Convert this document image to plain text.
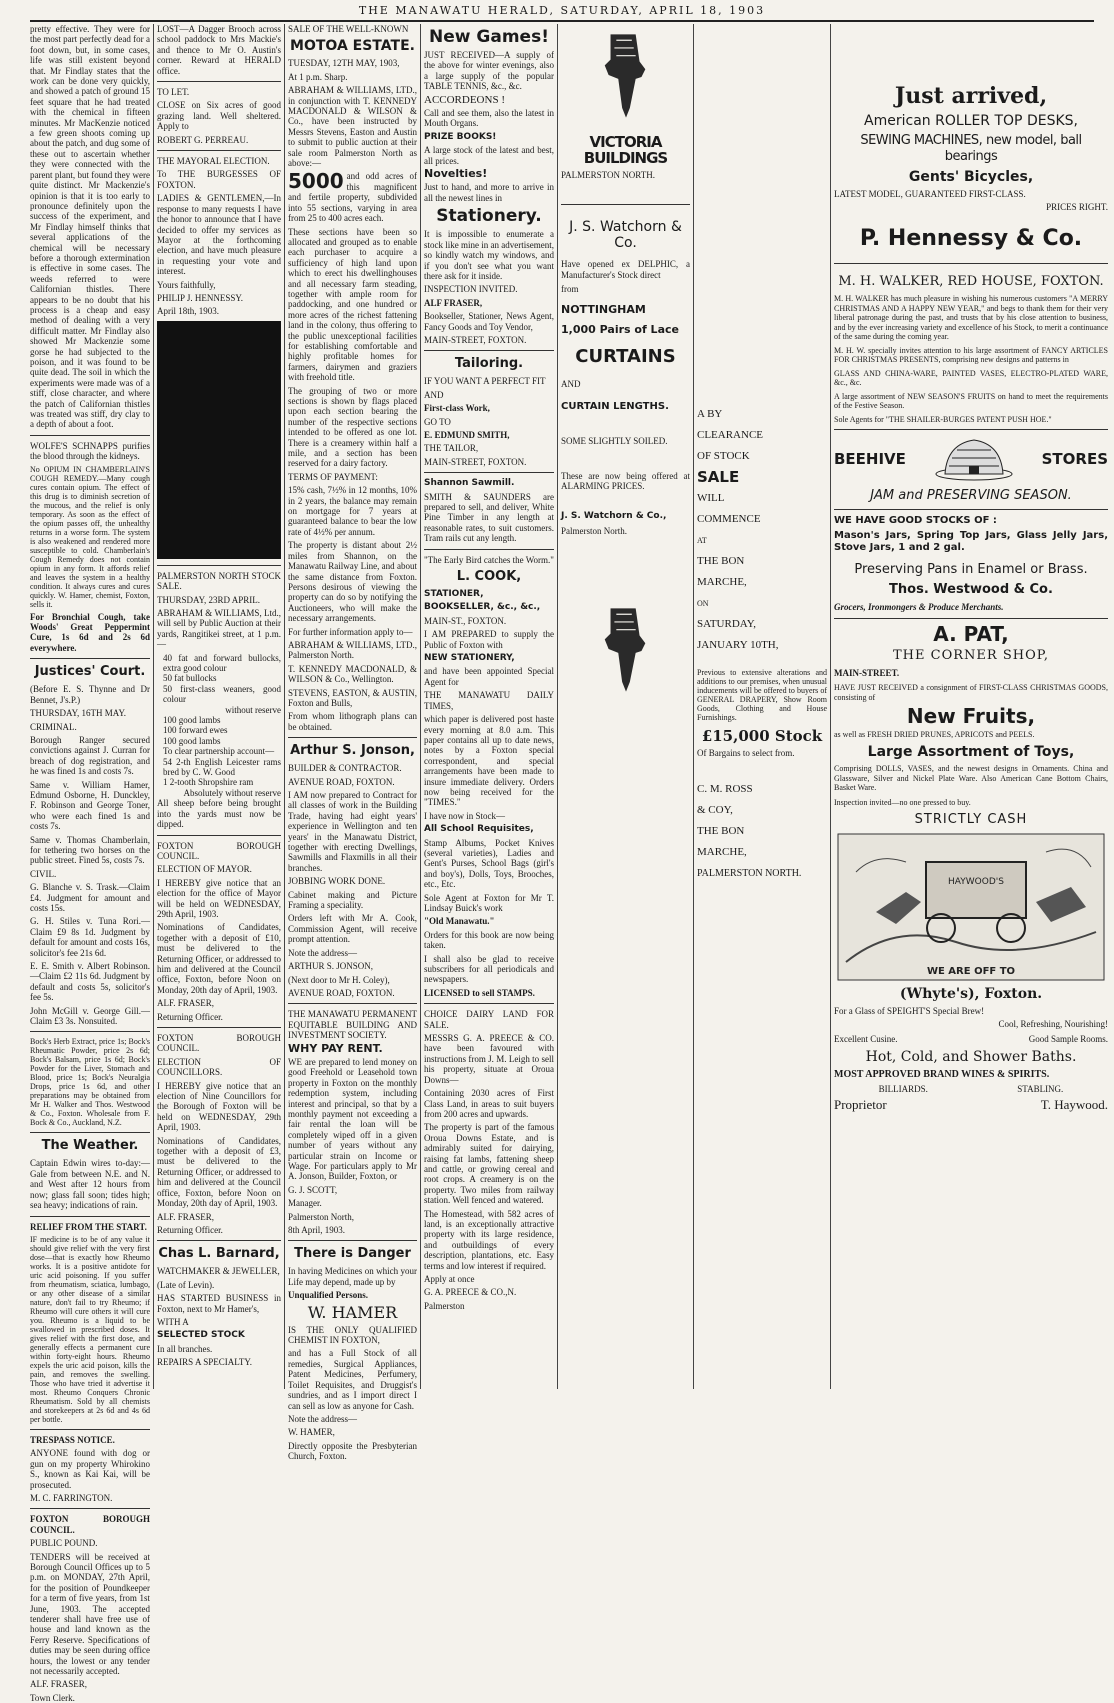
THE MANAWATU HERALD, SATURDAY, APRIL 18, 1903

pretty effective. They were for the most part perfectly dead for a foot down, but, in some cases, life was still existent beyond that. Mr Findlay states that the work can be done very quickly, and showed a patch of ground 15 feet square that he had treated with the chemical in fifteen minutes. Mr MacKenzie noticed a few green shoots coming up about the patch, and dug some of these out to ascertain whether they were connected with the parent plant, but found they were quite distinct. Mr Mackenzie's opinion is that it is too early to pronounce definitely upon the success of the experiment, and Mr Findlay himself thinks that several applications of the chemical will be necessary before a thorough extermination is effective in some cases. The weeds referred to were Californian thistles. There appears to be no doubt that his process is a cheap and easy method of dealing with a very difficult matter. Mr Findlay also showed Mr Mackenzie some gorse he had subjected to the poison, and it was found to be quite dead. The soil in which the experiments were made was of a stiff, close character, and where the patch of Californian thistles was treated was stiff, dry clay to a depth of about a foot.

WOLFE'S SCHNAPPS purifies the blood through the kidneys.

No OPIUM IN CHAMBERLAIN'S COUGH REMEDY.—Many cough cures contain opium. The effect of this drug is to diminish secretion of the mucous, and the relief is only temporary. As soon as the effect of the opium passes off, the unhealthy returns in a worse form. The system is also weakened and rendered more susceptible to cold. Chamberlain's Cough Remedy does not contain opium in any form. It affords relief and leaves the system in a healthy condition. It always cures and cures quickly. W. Hamer, chemist, Foxton, sells it.

For Bronchial Cough, take Woods' Great Peppermint Cure, 1s 6d and 2s 6d everywhere.

Justices' Court.

(Before E. S. Thynne and Dr Bennet, J's.P.)

THURSDAY, 16TH MAY.

CRIMINAL.

Borough Ranger secured convictions against J. Curran for breach of dog registration, and he was fined 1s and costs 7s.

Same v. William Hamer, Edmund Osborne, H. Dunckley, F. Robinson and George Toner, who were each fined 1s and costs 7s.

Same v. Thomas Chamberlain, for tethering two horses on the public street. Fined 5s, costs 7s.

CIVIL.

G. Blanche v. S. Trask.—Claim £4. Judgment for amount and costs 15s.

G. H. Stiles v. Tuna Rori.—Claim £9 8s 1d. Judgment by default for amount and costs 16s, solicitor's fee 21s 6d.

E. E. Smith v. Albert Robinson.—Claim £2 11s 6d. Judgment by default and costs 5s, solicitor's fee 5s.

John McGill v. George Gill.—Claim £3 3s. Nonsuited.

Bock's Herb Extract, price 1s; Bock's Rheumatic Powder, price 2s 6d; Bock's Balsam, price 1s 6d; Bock's Powder for the Liver, Stomach and Blood, price 1s; Bock's Neuralgia Drops, price 1s 6d, and other preparations may be obtained from Mr H. Walker and Thos. Westwood & Co., Foxton. Wholesale from F. Bock & Co., Auckland, N.Z.

The Weather.

Captain Edwin wires to-day:—Gale from between N.E. and N. and West after 12 hours from now; glass fall soon; tides high; sea heavy; indications of rain.

RELIEF FROM THE START.

IF medicine is to be of any value it should give relief with the very first dose—that is exactly how Rheumo works. It is a positive antidote for uric acid poisoning. If you suffer from rheumatism, sciatica, lumbago, or any other disease of a similar nature, don't fail to try Rheumo; if Rheumo will cure others it will cure you. Rheumo is a liquid to be swallowed in prescribed doses. It gives relief with the first dose, and generally effects a permanent cure within forty-eight hours. Rheumo expels the uric acid poison, kills the pain, and removes the swelling. Those who have tried it advertise it most. Rheumo Conquers Chronic Rheumatism. Sold by all chemists and storekeepers at 2s 6d and 4s 6d per bottle.

TRESPASS NOTICE.

ANYONE found with dog or gun on my property Whirokino S., known as Kai Kai, will be prosecuted.

M. C. FARRINGTON.

FOXTON BOROUGH COUNCIL.

PUBLIC POUND.

TENDERS will be received at Borough Council Offices up to 5 p.m. on MONDAY, 27th April, for the position of Poundkeeper for a term of five years, from 1st June, 1903. The accepted tenderer shall have free use of house and land known as the Ferry Reserve. Specifications of duties may be seen during office hours, the lowest or any tender not necessarily accepted.

ALF. FRASER,

Town Clerk.

LOST—A Dagger Brooch across school paddock to Mrs Mackie's and thence to Mr O. Austin's corner. Reward at HERALD office.

TO LET.

CLOSE on Six acres of good grazing land. Well sheltered. Apply to

ROBERT G. PERREAU.

THE MAYORAL ELECTION.

To THE BURGESSES OF FOXTON.

LADIES & GENTLEMEN,—In response to many requests I have the honor to announce that I have decided to offer my services as Mayor at the forthcoming election, and have much pleasure in requesting your vote and interest.

Yours faithfully,

PHILIP J. HENNESSY.

April 18th, 1903.

PALMERSTON NORTH STOCK SALE.

THURSDAY, 23RD APRIL.

ABRAHAM & WILLIAMS, Ltd., will sell by Public Auction at their yards, Rangitikei street, at 1 p.m.—

40 fat and forward bullocks, extra good colour

50 fat bullocks

50 first-class weaners, good colour

without reserve

100 good lambs

100 forward ewes

100 good lambs

To clear partnership account—

54 2-th English Leicester rams bred by C. W. Good

1 2-tooth Shropshire ram

Absolutely without reserve

All sheep before being brought into the yards must now be dipped.

FOXTON BOROUGH COUNCIL.

ELECTION OF MAYOR.

I HEREBY give notice that an election for the office of Mayor will be held on WEDNESDAY, 29th April, 1903.

Nominations of Candidates, together with a deposit of £10, must be delivered to the Returning Officer, or addressed to him and delivered at the Council office, Foxton, before Noon on Monday, 20th day of April, 1903.

ALF. FRASER,

Returning Officer.

FOXTON BOROUGH COUNCIL.

ELECTION OF COUNCILLORS.

I HEREBY give notice that an election of Nine Councillors for the Borough of Foxton will be held on WEDNESDAY, 29th April, 1903.

Nominations of Candidates, together with a deposit of £3, must be delivered to the Returning Officer, or addressed to him and delivered at the Council office, Foxton, before Noon on Monday, 20th day of April, 1903.

ALF. FRASER,

Returning Officer.

Chas L. Barnard,

WATCHMAKER & JEWELLER,

(Late of Levin).

HAS STARTED BUSINESS in Foxton, next to Mr Hamer's,

WITH A

SELECTED STOCK

In all branches.

REPAIRS A SPECIALTY.

SALE OF THE WELL-KNOWN

MOTOA ESTATE.

TUESDAY, 12TH MAY, 1903,

At 1 p.m. Sharp.

ABRAHAM & WILLIAMS, LTD., in conjunction with T. KENNEDY MACDONALD & WILSON & Co., have been instructed by Messrs Stevens, Easton and Austin to submit to public auction at their sale room Palmerston North as above:—

5000 and odd acres of this magnificent and fertile property, subdivided into 55 sections, varying in area from 25 to 400 acres each.

These sections have been so allocated and grouped as to enable each purchaser to acquire a sufficiency of high land upon which to erect his dwellinghouses and all necessary farm steading, together with ample room for paddocking, and one hundred or more acres of the richest fattening land in the colony, thus offering to the public unexceptional facilities for establishing comfortable and highly profitable homes for farmers, dairymen and graziers with freehold title.

The grouping of two or more sections is shown by flags placed upon each section bearing the number of the respective sections intended to be offered as one lot. There is a creamery within half a mile, and a section has been reserved for a dairy factory.

TERMS OF PAYMENT:

15% cash, 7½% in 12 months, 10% in 2 years, the balance may remain on mortgage for 7 years at guaranteed balance to bear the low rate of 4½% per annum.

The property is distant about 2½ miles from Shannon, on the Manawatu Railway Line, and about the same distance from Foxton. Persons desirous of viewing the property can do so by notifying the Auctioneers, who will make the necessary arrangements.

For further information apply to—

ABRAHAM & WILLIAMS, LTD., Palmerston North.

T. KENNEDY MACDONALD, & WILSON & Co., Wellington.

STEVENS, EASTON, & AUSTIN, Foxton and Bulls,

From whom lithograph plans can be obtained.

Arthur S. Jonson,

BUILDER & CONTRACTOR.

AVENUE ROAD, FOXTON.

I AM now prepared to Contract for all classes of work in the Building Trade, having had eight years' experience in Wellington and ten years' in the Manawatu District, together with erecting Dwellings, Sawmills and Flaxmills in all their branches.

JOBBING WORK DONE.

Cabinet making and Picture Framing a speciality.

Orders left with Mr A. Cook, Commission Agent, will receive prompt attention.

Note the address—

ARTHUR S. JONSON,

(Next door to Mr H. Coley),

AVENUE ROAD, FOXTON.

THE MANAWATU PERMANENT EQUITABLE BUILDING AND INVESTMENT SOCIETY.

WHY PAY RENT.

WE are prepared to lend money on good Freehold or Leasehold town property in Foxton on the monthly redemption system, including interest and principal, so that by a monthly payment not exceeding a fair rental the loan will be completely wiped off in a given number of years without any particular strain on Income or Wage. For particulars apply to Mr A. Jonson, Builder, Foxton, or

G. J. SCOTT,

Manager.

Palmerston North,

8th April, 1903.

There is Danger

In having Medicines on which your Life may depend, made up by

Unqualified Persons.

W. HAMER

IS THE ONLY QUALIFIED CHEMIST IN FOXTON,

and has a Full Stock of all remedies, Surgical Appliances, Patent Medicines, Perfumery, Toilet Requisites, and Druggist's sundries, and as I import direct I can sell as low as anyone for Cash.

Note the address—

W. HAMER,

Directly opposite the Presbyterian Church, Foxton.

New Games!

JUST RECEIVED—A supply of the above for winter evenings, also a large supply of the popular TABLE TENNIS, &c., &c.

ACCORDEONS !

Call and see them, also the latest in Mouth Organs.

PRIZE BOOKS!

A large stock of the latest and best, all prices.

Novelties!

Just to hand, and more to arrive in all the newest lines in

Stationery.

It is impossible to enumerate a stock like mine in an advertisement, so kindly watch my windows, and if you don't see what you want there ask for it inside.

INSPECTION INVITED.

ALF FRASER,

Bookseller, Stationer, News Agent, Fancy Goods and Toy Vendor,

MAIN-STREET, FOXTON.

Tailoring.

IF YOU WANT A PERFECT FIT

AND

First-class Work,

GO TO

E. EDMUND SMITH,

THE TAILOR,

MAIN-STREET, FOXTON.

Shannon Sawmill.

SMITH & SAUNDERS are prepared to sell, and deliver, White Pine Timber in any length at reasonable rates, to suit customers. Tram rails cut any length.

"The Early Bird catches the Worm."

L. COOK,

STATIONER,

BOOKSELLER, &c., &c.,

MAIN-ST., FOXTON.

I AM PREPARED to supply the Public of Foxton with

NEW STATIONERY,

and have been appointed Special Agent for

THE MANAWATU DAILY TIMES,

which paper is delivered post haste every morning at 8.0 a.m. This paper contains all up to date news, notes by a Foxton special correspondent, and special arrangements have been made to insure immediate delivery. Orders now being received for the "TIMES."

I have now in Stock—

All School Requisites,

Stamp Albums, Pocket Knives (several varieties), Ladies and Gent's Purses, School Bags (girl's and boy's), Dolls, Toys, Brooches, etc., Etc.

Sole Agent at Foxton for Mr T. Lindsay Buick's work

"Old Manawatu."

Orders for this book are now being taken.

I shall also be glad to receive subscribers for all periodicals and newspapers.

LICENSED to sell STAMPS.

CHOICE DAIRY LAND FOR SALE.

MESSRS G. A. PREECE & CO. have been favoured with instructions from J. M. Leigh to sell his property, situate at Oroua Downs—

Containing 2030 acres of First Class Land, in areas to suit buyers from 200 acres and upwards.

The property is part of the famous Oroua Downs Estate, and is admirably suited for dairying, raising fat lambs, fattening sheep and cattle, or growing cereal and root crops. A creamery is on the property. Two miles from railway station. Well fenced and watered.

The Homestead, with 582 acres of land, is an exceptionally attractive property with its large residence, and outbuildings of every description, plantations, etc. Easy terms and low interest if required.

Apply at once

G. A. PREECE & CO.,N.

Palmerston

VICTORIA BUILDINGS

PALMERSTON NORTH.

J. S. Watchorn & Co.

Have opened ex DELPHIC, a Manufacturer's Stock direct

from

NOTTINGHAM

1,000 Pairs of Lace

CURTAINS

AND

CURTAIN LENGTHS.

SOME SLIGHTLY SOILED.

These are now being offered at ALARMING PRICES.

J. S. Watchorn & Co.,

Palmerston North.

A BY

CLEARANCE

OF STOCK

SALE

WILL

COMMENCE

AT

THE BON

MARCHE,

ON

SATURDAY,

JANUARY 10TH,

Previous to extensive alterations and additions to our premises, when unusual inducements will be offered to buyers of GENERAL DRAPERY, Show Room Goods, Clothing and House Furnishings.

£15,000 Stock

Of Bargains to select from.

C. M. ROSS

& COY,

THE BON

MARCHE,

PALMERSTON NORTH.

Just arrived,
American ROLLER TOP DESKS,
SEWING MACHINES, new model, ball bearings
Gents' Bicycles,

LATEST MODEL, GUARANTEED FIRST-CLASS.

PRICES RIGHT.

P. Hennessy & Co.
M. H. WALKER, RED HOUSE, FOXTON.

M. H. WALKER has much pleasure in wishing his numerous customers "A MERRY CHRISTMAS AND A HAPPY NEW YEAR," and begs to thank them for their very liberal patronage during the past, and trusts that by his close attention to business, and by the ever increasing variety and excellence of his Stock, to merit a continuance of the same during the coming year.

M. H. W. specially invites attention to his large assortment of FANCY ARTICLES FOR CHRISTMAS PRESENTS, comprising new designs and patterns in

GLASS AND CHINA-WARE, PAINTED VASES, ELECTRO-PLATED WARE, &c., &c.

A large assortment of NEW SEASON'S FRUITS on hand to meet the requirements of the Festive Season.

Sole Agents for "THE SHAILER-BURGES PATENT PUSH HOE."

BEEHIVE	STORES
JAM and PRESERVING SEASON.

WE HAVE GOOD STOCKS OF :

Mason's Jars, Spring Top Jars, Glass Jelly Jars, Stove Jars, 1 and 2 gal.

Preserving Pans in Enamel or Brass.
Thos. Westwood & Co.

Grocers, Ironmongers & Produce Merchants.

A. PAT,
THE CORNER SHOP,

MAIN-STREET.

HAVE JUST RECEIVED a consignment of FIRST-CLASS CHRISTMAS GOODS, consisting of

New Fruits,

as well as FRESH DRIED PRUNES, APRICOTS and PEELS.

Large Assortment of Toys,

Comprising DOLLS, VASES, and the newest designs in Ornaments. China and Glassware, Silver and Nickel Plate Ware. Also American Cane Bottom Chairs, Basket Ware.

Inspection invited—no one pressed to buy.

STRICTLY CASH
HAYWOOD'S
WE ARE OFF TO
(Whyte's), Foxton.

For a Glass of SPEIGHT'S Special Brew!

Cool, Refreshing, Nourishing!

Excellent Cusine.	Good Sample Rooms.
Hot, Cold, and Shower Baths.

MOST APPROVED BRAND WINES & SPIRITS.

BILLIARDS.	STABLING.
Proprietor	T. Haywood.
